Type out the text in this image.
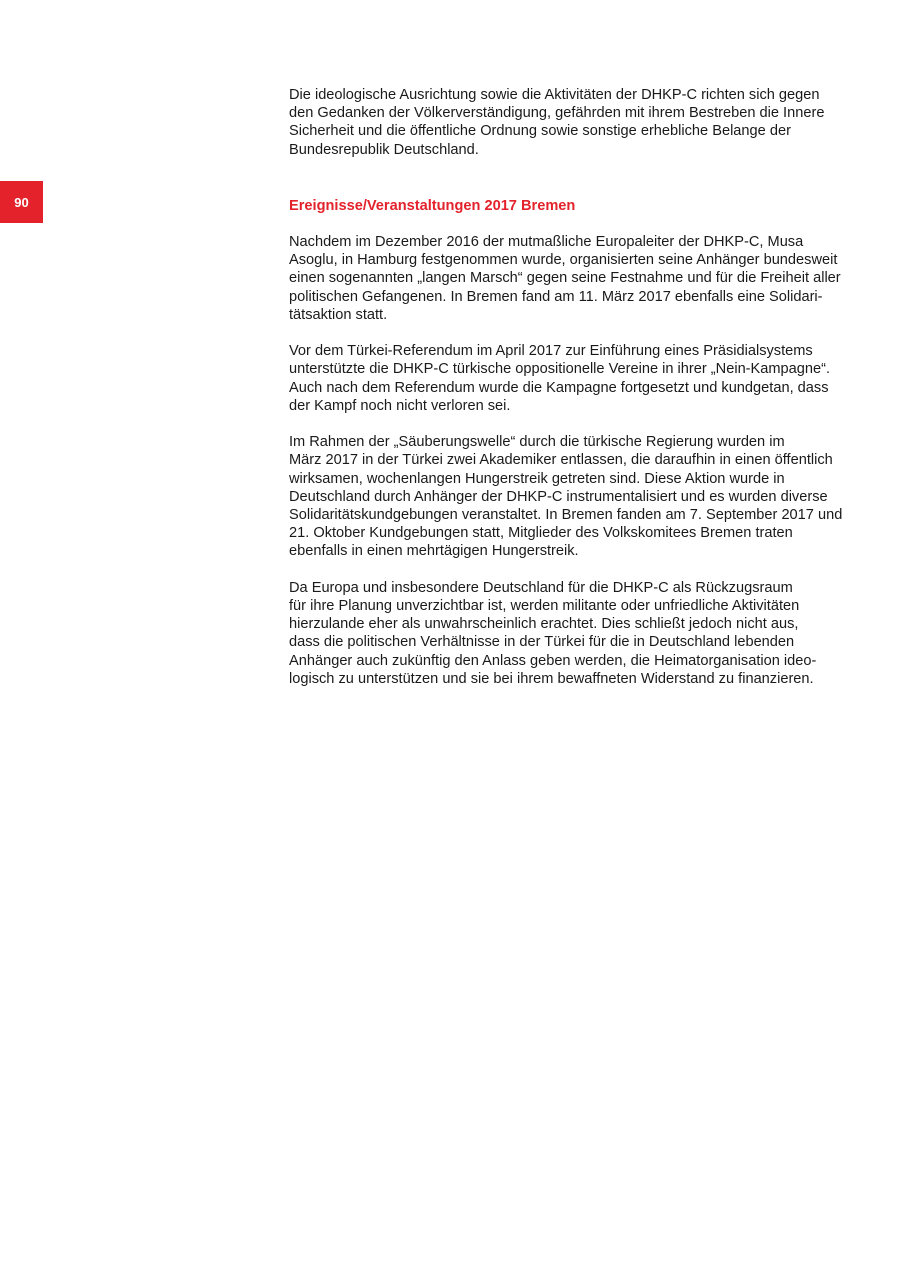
90

Die ideologische Ausrichtung sowie die Aktivitäten der DHKP-C richten sich gegen
den Gedanken der Völkerverständigung, gefährden mit ihrem Bestreben die Innere
Sicherheit und die öffentliche Ordnung sowie sonstige erhebliche Belange der
Bundesrepublik Deutschland.

Ereignisse/Veranstaltungen 2017 Bremen

Nachdem im Dezember 2016 der mutmaßliche Europaleiter der DHKP-C, Musa
Asoglu, in Hamburg festgenommen wurde, organisierten seine Anhänger bundesweit
einen sogenannten „langen Marsch“ gegen seine Festnahme und für die Freiheit aller
politischen Gefangenen. In Bremen fand am 11. März 2017 ebenfalls eine Solidari-
tätsaktion statt.

Vor dem Türkei-Referendum im April 2017 zur Einführung eines Präsidialsystems
unterstützte die DHKP-C türkische oppositionelle Vereine in ihrer „Nein-Kampagne“.
Auch nach dem Referendum wurde die Kampagne fortgesetzt und kundgetan, dass
der Kampf noch nicht verloren sei.

Im Rahmen der „Säuberungswelle“ durch die türkische Regierung wurden im
März 2017 in der Türkei zwei Akademiker entlassen, die daraufhin in einen öffentlich
wirksamen, wochenlangen Hungerstreik getreten sind. Diese Aktion wurde in
Deutschland durch Anhänger der DHKP-C instrumentalisiert und es wurden diverse
Solidaritätskundgebungen veranstaltet. In Bremen fanden am 7. September 2017 und
21. Oktober Kundgebungen statt, Mitglieder des Volkskomitees Bremen traten
ebenfalls in einen mehrtägigen Hungerstreik.

Da Europa und insbesondere Deutschland für die DHKP-C als Rückzugsraum
für ihre Planung unverzichtbar ist, werden militante oder unfriedliche Aktivitäten
hierzulande eher als unwahrscheinlich erachtet. Dies schließt jedoch nicht aus,
dass die politischen Verhältnisse in der Türkei für die in Deutschland lebenden
Anhänger auch zukünftig den Anlass geben werden, die Heimatorganisation ideo-
logisch zu unterstützen und sie bei ihrem bewaffneten Widerstand zu finanzieren.
